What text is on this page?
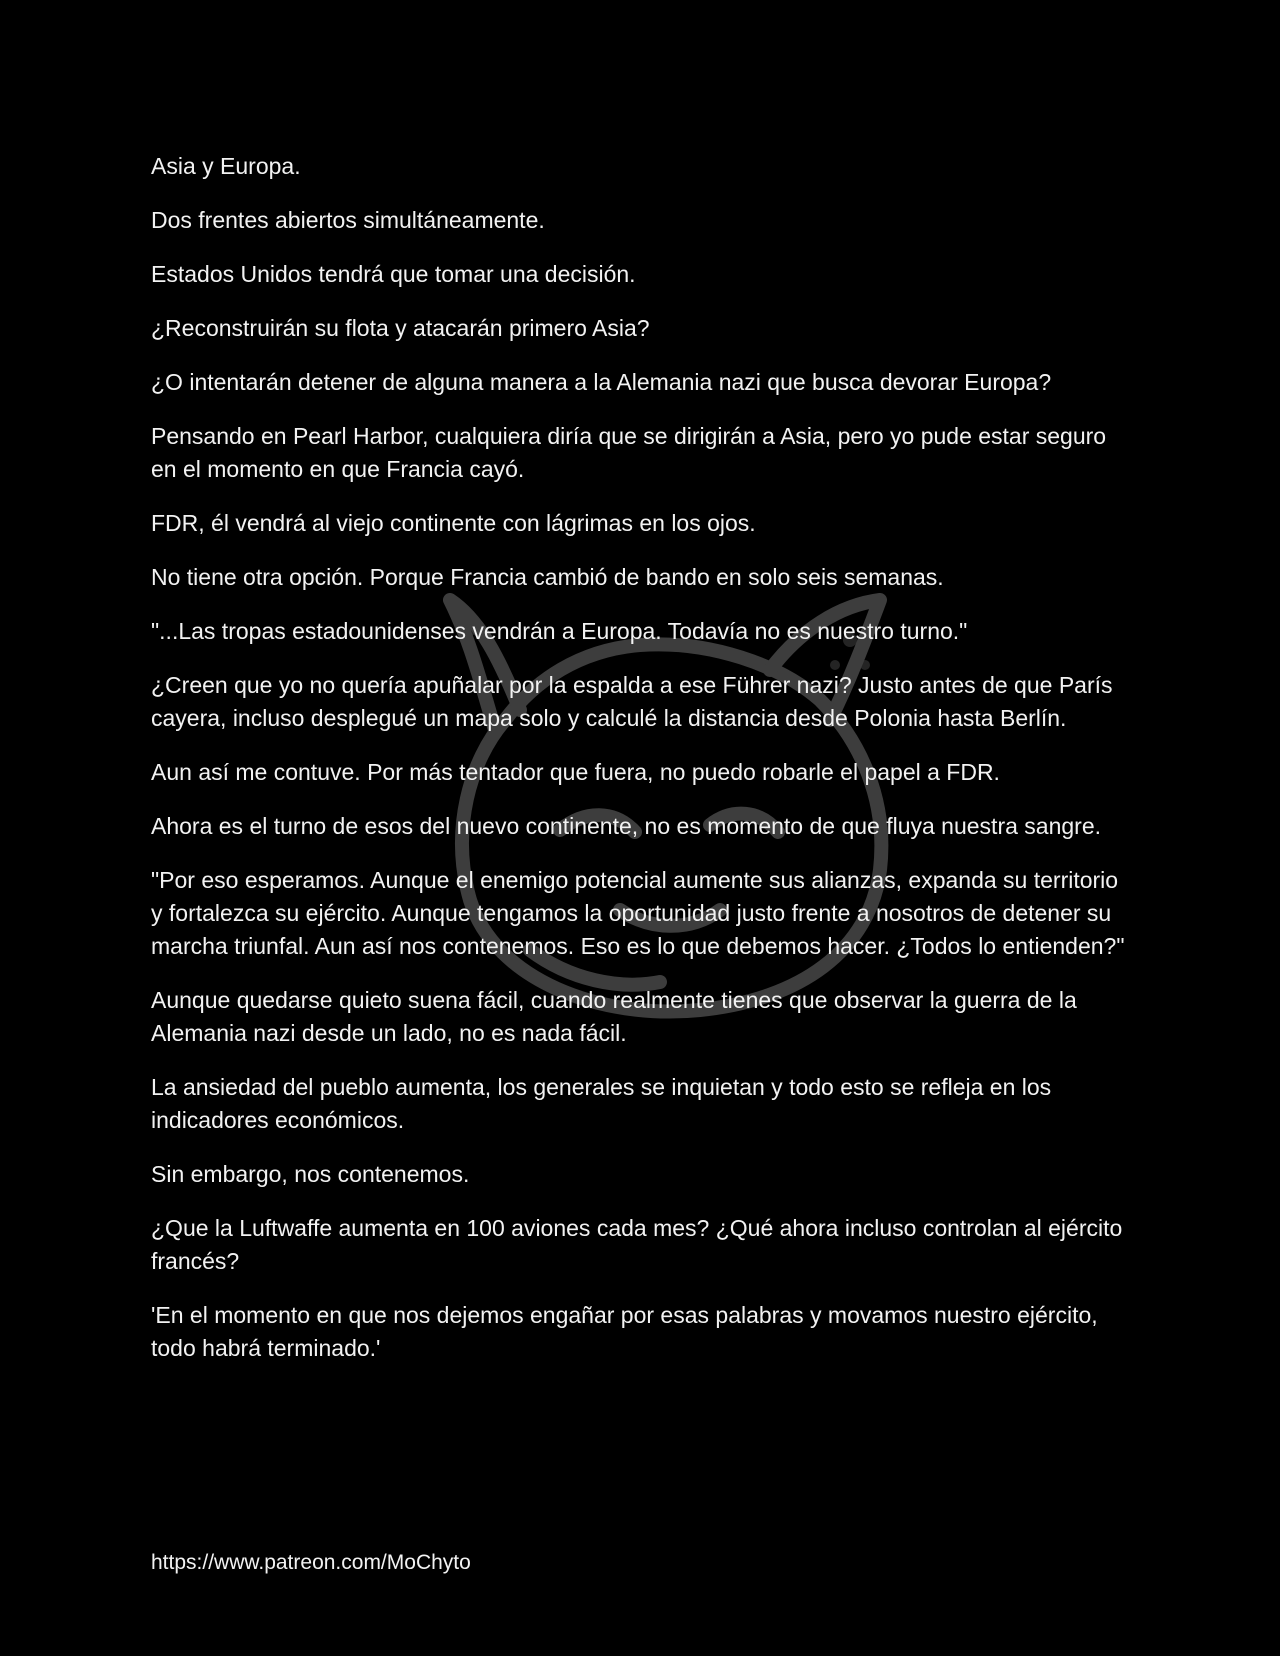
Asia y Europa.

Dos frentes abiertos simultáneamente.

Estados Unidos tendrá que tomar una decisión.

¿Reconstruirán su flota y atacarán primero Asia?

¿O intentarán detener de alguna manera a la Alemania nazi que busca devorar Europa?

Pensando en Pearl Harbor, cualquiera diría que se dirigirán a Asia, pero yo pude estar seguro en el momento en que Francia cayó.

FDR, él vendrá al viejo continente con lágrimas en los ojos.

No tiene otra opción. Porque Francia cambió de bando en solo seis semanas.

"...Las tropas estadounidenses vendrán a Europa. Todavía no es nuestro turno."

¿Creen que yo no quería apuñalar por la espalda a ese Führer nazi? Justo antes de que París cayera, incluso desplegué un mapa solo y calculé la distancia desde Polonia hasta Berlín.

Aun así me contuve. Por más tentador que fuera, no puedo robarle el papel a FDR.

Ahora es el turno de esos del nuevo continente, no es momento de que fluya nuestra sangre.

"Por eso esperamos. Aunque el enemigo potencial aumente sus alianzas, expanda su territorio y fortalezca su ejército. Aunque tengamos la oportunidad justo frente a nosotros de detener su marcha triunfal. Aun así nos contenemos. Eso es lo que debemos hacer. ¿Todos lo entienden?"

Aunque quedarse quieto suena fácil, cuando realmente tienes que observar la guerra de la Alemania nazi desde un lado, no es nada fácil.

La ansiedad del pueblo aumenta, los generales se inquietan y todo esto se refleja en los indicadores económicos.

Sin embargo, nos contenemos.

¿Que la Luftwaffe aumenta en 100 aviones cada mes? ¿Qué ahora incluso controlan al ejército francés?

'En el momento en que nos dejemos engañar por esas palabras y movamos nuestro ejército, todo habrá terminado.'

https://www.patreon.com/MoChyto
